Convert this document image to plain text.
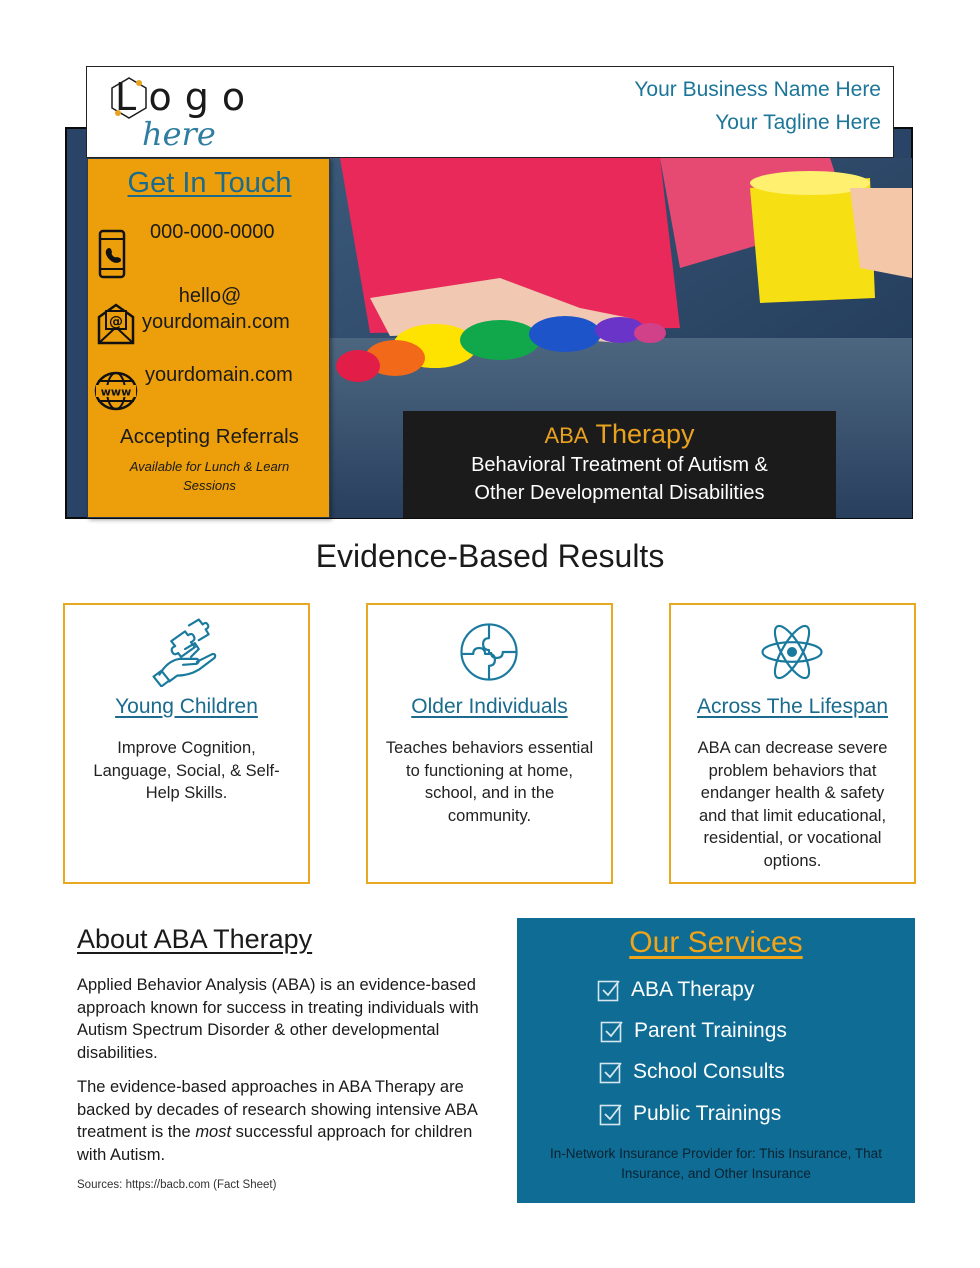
Logo
here
Your Business Name Here
Your Tagline Here
Get In Touch
000-000-0000
@
hello@
yourdomain.com
www
yourdomain.com
Accepting Referrals
Available for Lunch & Learn Sessions
ABA Therapy
Behavioral Treatment of Autism &
Other Developmental Disabilities
Evidence-Based Results
Young Children
Improve Cognition, Language, Social, & Self-Help Skills.
Older Individuals
Teaches behaviors essential to functioning at home, school, and in the community.
Across The Lifespan
ABA can decrease severe problem behaviors that endanger health & safety and that limit educational, residential, or vocational options.
About ABA Therapy
Applied Behavior Analysis (ABA) is an evidence-based approach known for success in treating individuals with Autism Spectrum Disorder & other developmental disabilities.
The evidence-based approaches in ABA Therapy are backed by decades of research showing intensive ABA treatment is the most successful approach for children with Autism.
Sources: https://bacb.com (Fact Sheet)
Our Services
ABA Therapy
Parent Trainings
School Consults
Public Trainings
In-Network Insurance Provider for: This Insurance, That Insurance, and Other Insurance
